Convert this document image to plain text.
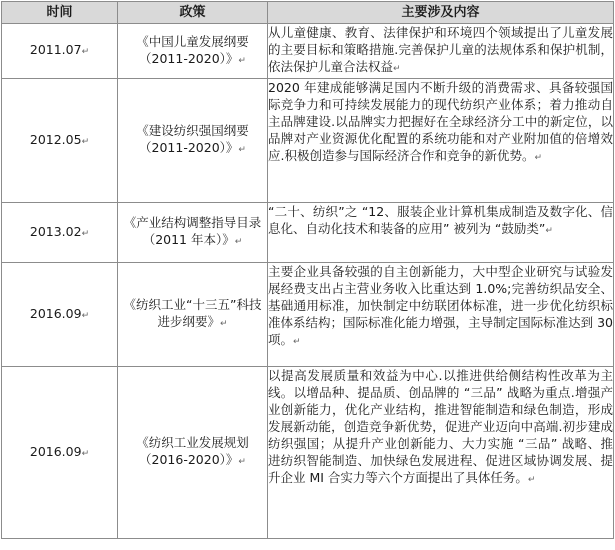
时间	政策	主要涉及内容
2011.07↵	《中国儿童发展纲要（2011-2020）》↵	从儿童健康、教育、法律保护和环境四个领域提出了儿童发展的主要目标和策略措施.完善保护儿童的法规体系和保护机制，依法保护儿童合法权益↵
2012.05↵	《建设纺织强国纲要（2011-2020）》↵	2020 年建成能够满足国内不断升级的消费需求、具备较强国际竞争力和可持续发展能力的现代纺织产业体系；着力推动自主品牌建设.以品牌实力把握好在全球经济分工中的新定位，以品牌对产业资源优化配置的系统功能和对产业附加值的倍增效应.积极创造参与国际经济合作和竞争的新优势。↵
2013.02↵	《产业结构调整指导目录（2011 年本）》↵	“二十、纺织”之 “12、服装企业计算机集成制造及数字化、信息化、自动化技术和装备的应用” 被列为 “鼓励类”↵
2016.09↵	《纺织工业“十三五”科技进步纲要》↵	主要企业具备较强的自主创新能力，大中型企业研究与试验发展经费支出占主营业务收入比重达到 1.0%;完善纺织品安全、基础通用标准，加快制定中纺联团体标准，进一步优化纺织标准体系结构；国际标准化能力增强，主导制定国际标准达到 30 项。↵
2016.09↵	《纺织工业发展规划（2016-2020）》↵	以提高发展质量和效益为中心.以推进供给侧结构性改革为主线。以增品种、提品质、创品牌的 “三品” 战略为重点.增强产业创新能力，优化产业结构，推进智能制造和绿色制造，形成发展新动能，创造竞争新优势，促进产业迈向中高端.初步建成纺织强国；从提升产业创新能力、大力实施 “三品” 战略、推进纺织智能制造、加快绿色发展进程、促进区域协调发展、提升企业 MI 合实力等六个方面提出了具体任务。↵
